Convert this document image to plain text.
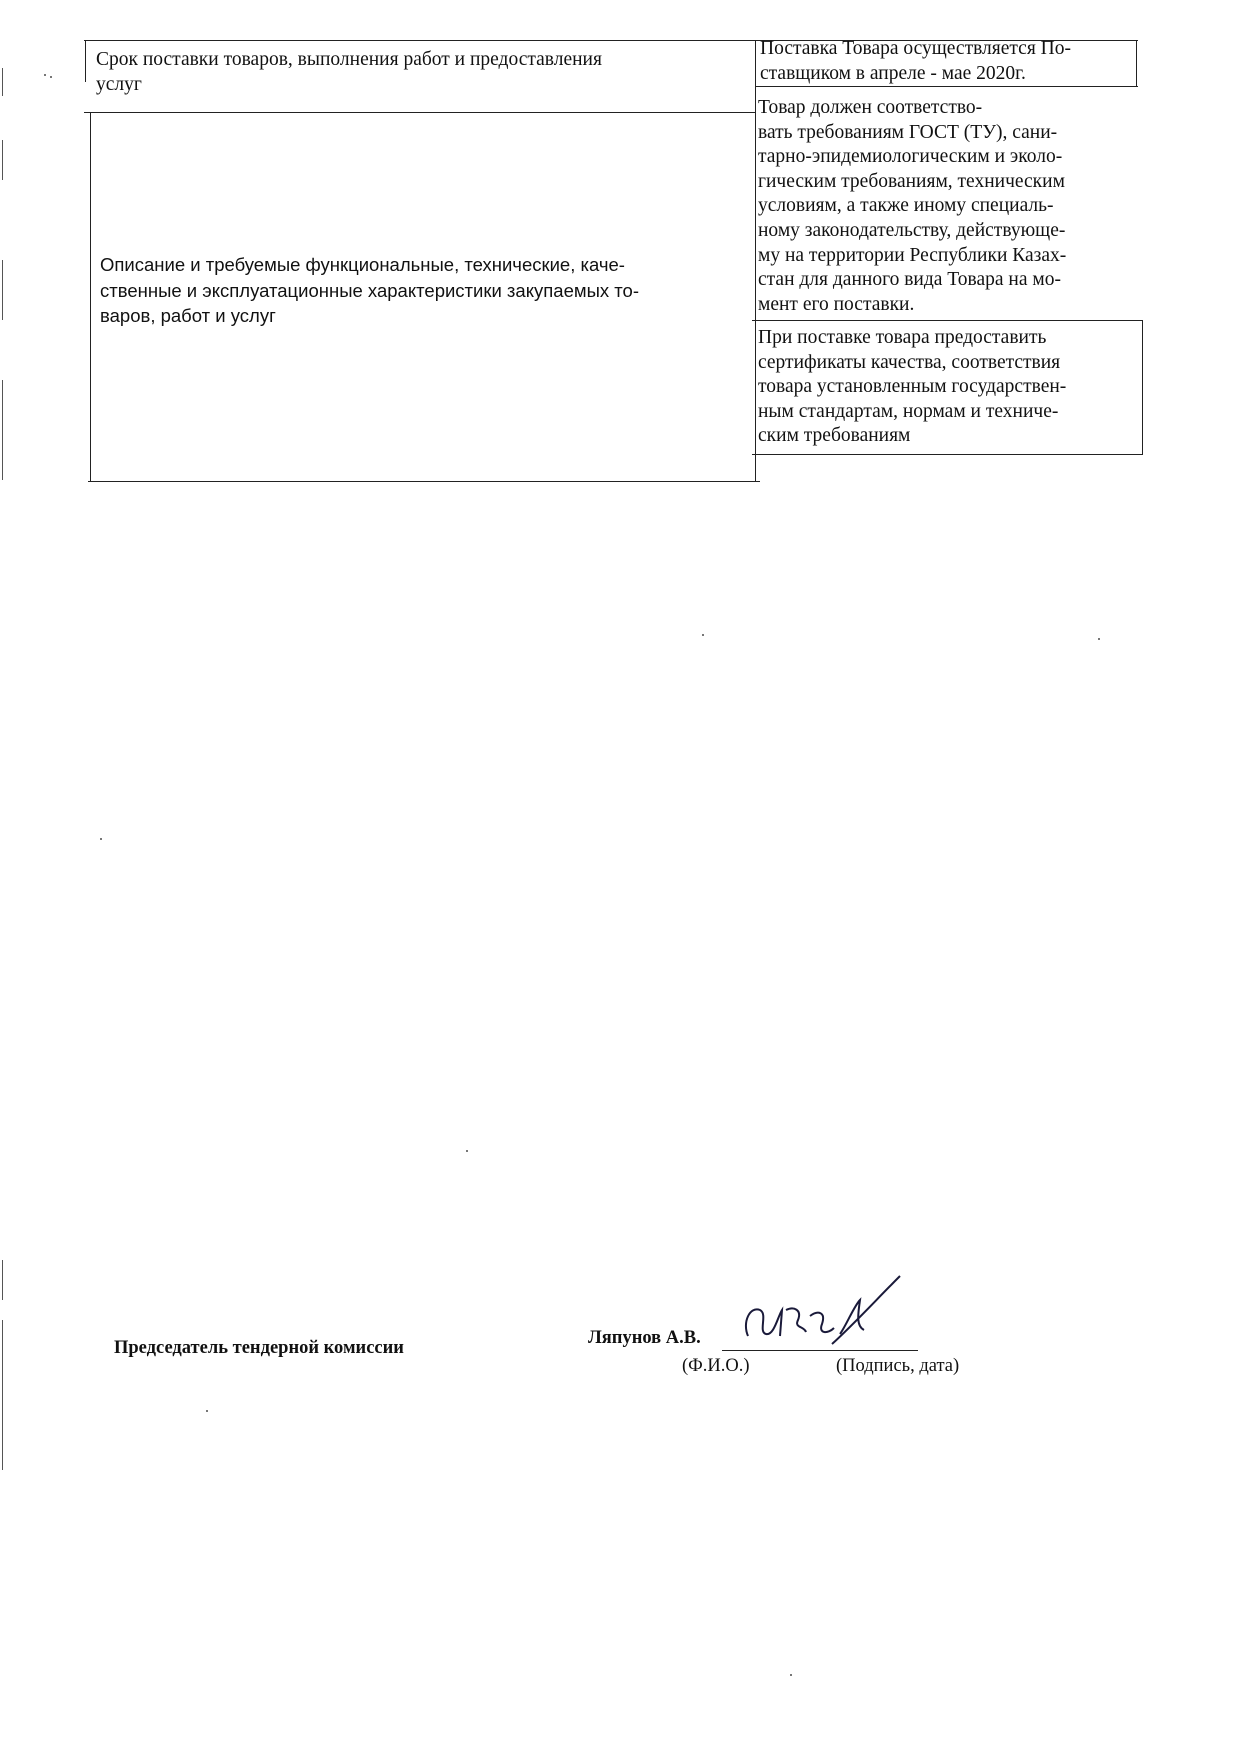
Срок поставки товаров, выполнения работ и предоставления
услуг
Поставка Товара осуществляется По-
ставщиком в апреле - мае 2020г.
Описание и требуемые функциональные, технические, каче-
ственные и эксплуатационные характеристики закупаемых то-
варов, работ и услуг
Товар должен соответство-
вать требованиям ГОСТ (ТУ), сани-
тарно-эпидемиологическим и эколо-
гическим требованиям, техническим
условиям, а также иному специаль-
ному законодательству, действующе-
му на территории Республики Казах-
стан для данного вида Товара на мо-
мент его поставки.
При поставке товара предоставить
сертификаты качества, соответствия
товара установленным государствен-
ным стандартам, нормам и техниче-
ским требованиям
Председатель тендерной комиссии	Ляпунов А.В.
(Ф.И.О.)	(Подпись, дата)
